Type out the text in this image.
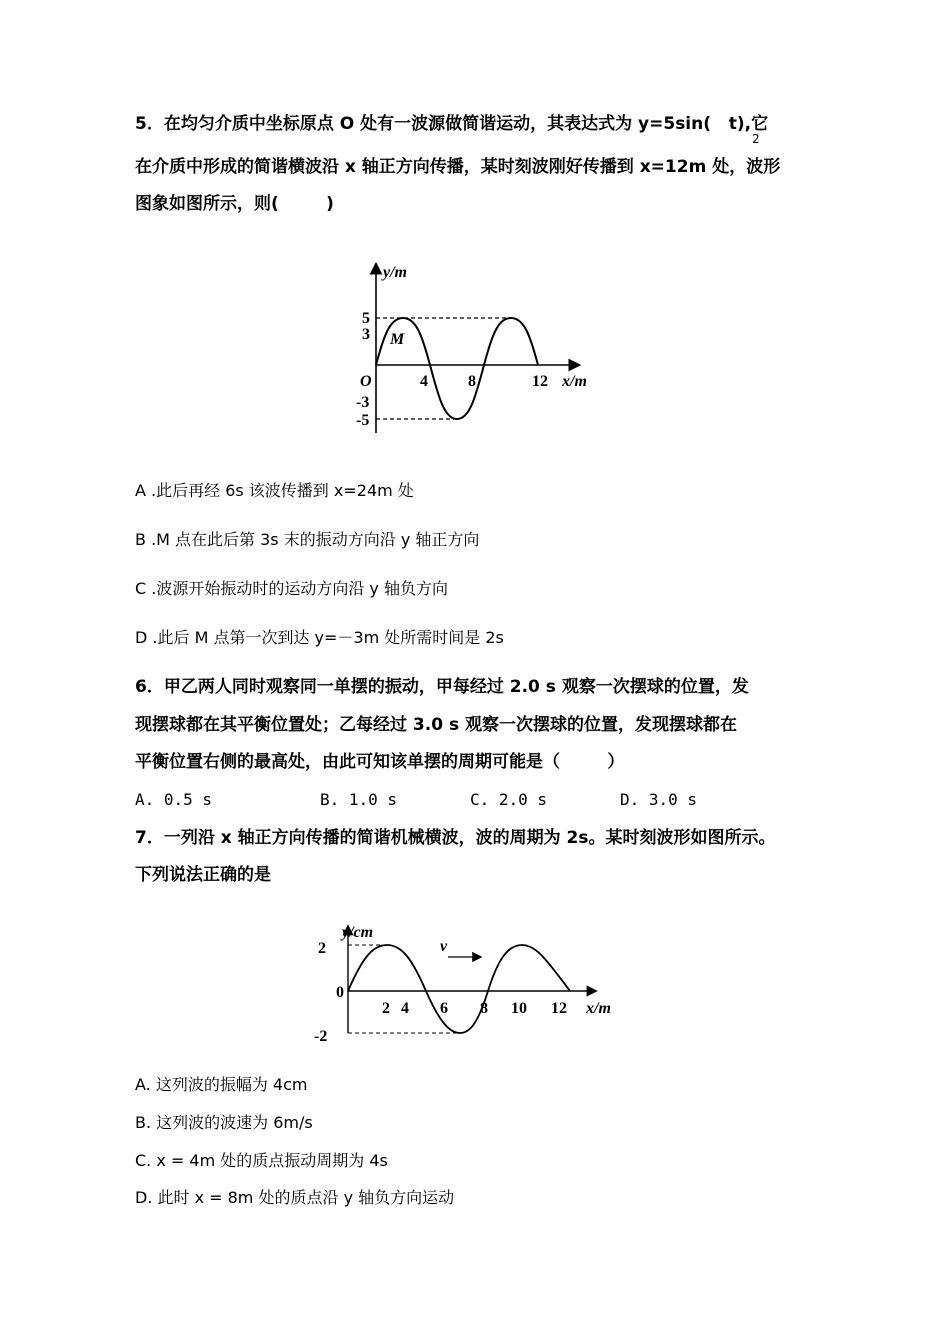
5．在均匀介质中坐标原点 O 处有一波源做简谐运动，其表达式为 y=5sin(   t),它
2
在介质中形成的简谐横波沿 x 轴正方向传播，某时刻波刚好传播到 x=12m 处，波形
图象如图所示，则(        )
y/m
x/m
O
M
5
3
-3
-5
4	8	12
A .此后再经 6s 该波传播到 x=24m 处
B .M 点在此后第 3s 末的振动方向沿 y 轴正方向
C .波源开始振动时的运动方向沿 y 轴负方向
D .此后 M 点第一次到达 y=－3m 处所需时间是 2s
6．甲乙两人同时观察同一单摆的振动，甲每经过 2.0 s 观察一次摆球的位置，发
现摆球都在其平衡位置处；乙每经过 3.0 s 观察一次摆球的位置，发现摆球都在
平衡位置右侧的最高处，由此可知该单摆的周期可能是（        ）
A. 0.5 s	B. 1.0 s	C. 2.0 s	D. 3.0 s
7．一列沿 x 轴正方向传播的简谐机械横波，波的周期为 2s。某时刻波形如图所示。
下列说法正确的是
v
y/cm
x/m
2
0
-2
2 4 6 8 10 12
A. 这列波的振幅为 4cm
B. 这列波的波速为 6m/s
C. x = 4m 处的质点振动周期为 4s
D. 此时 x = 8m 处的质点沿 y 轴负方向运动
